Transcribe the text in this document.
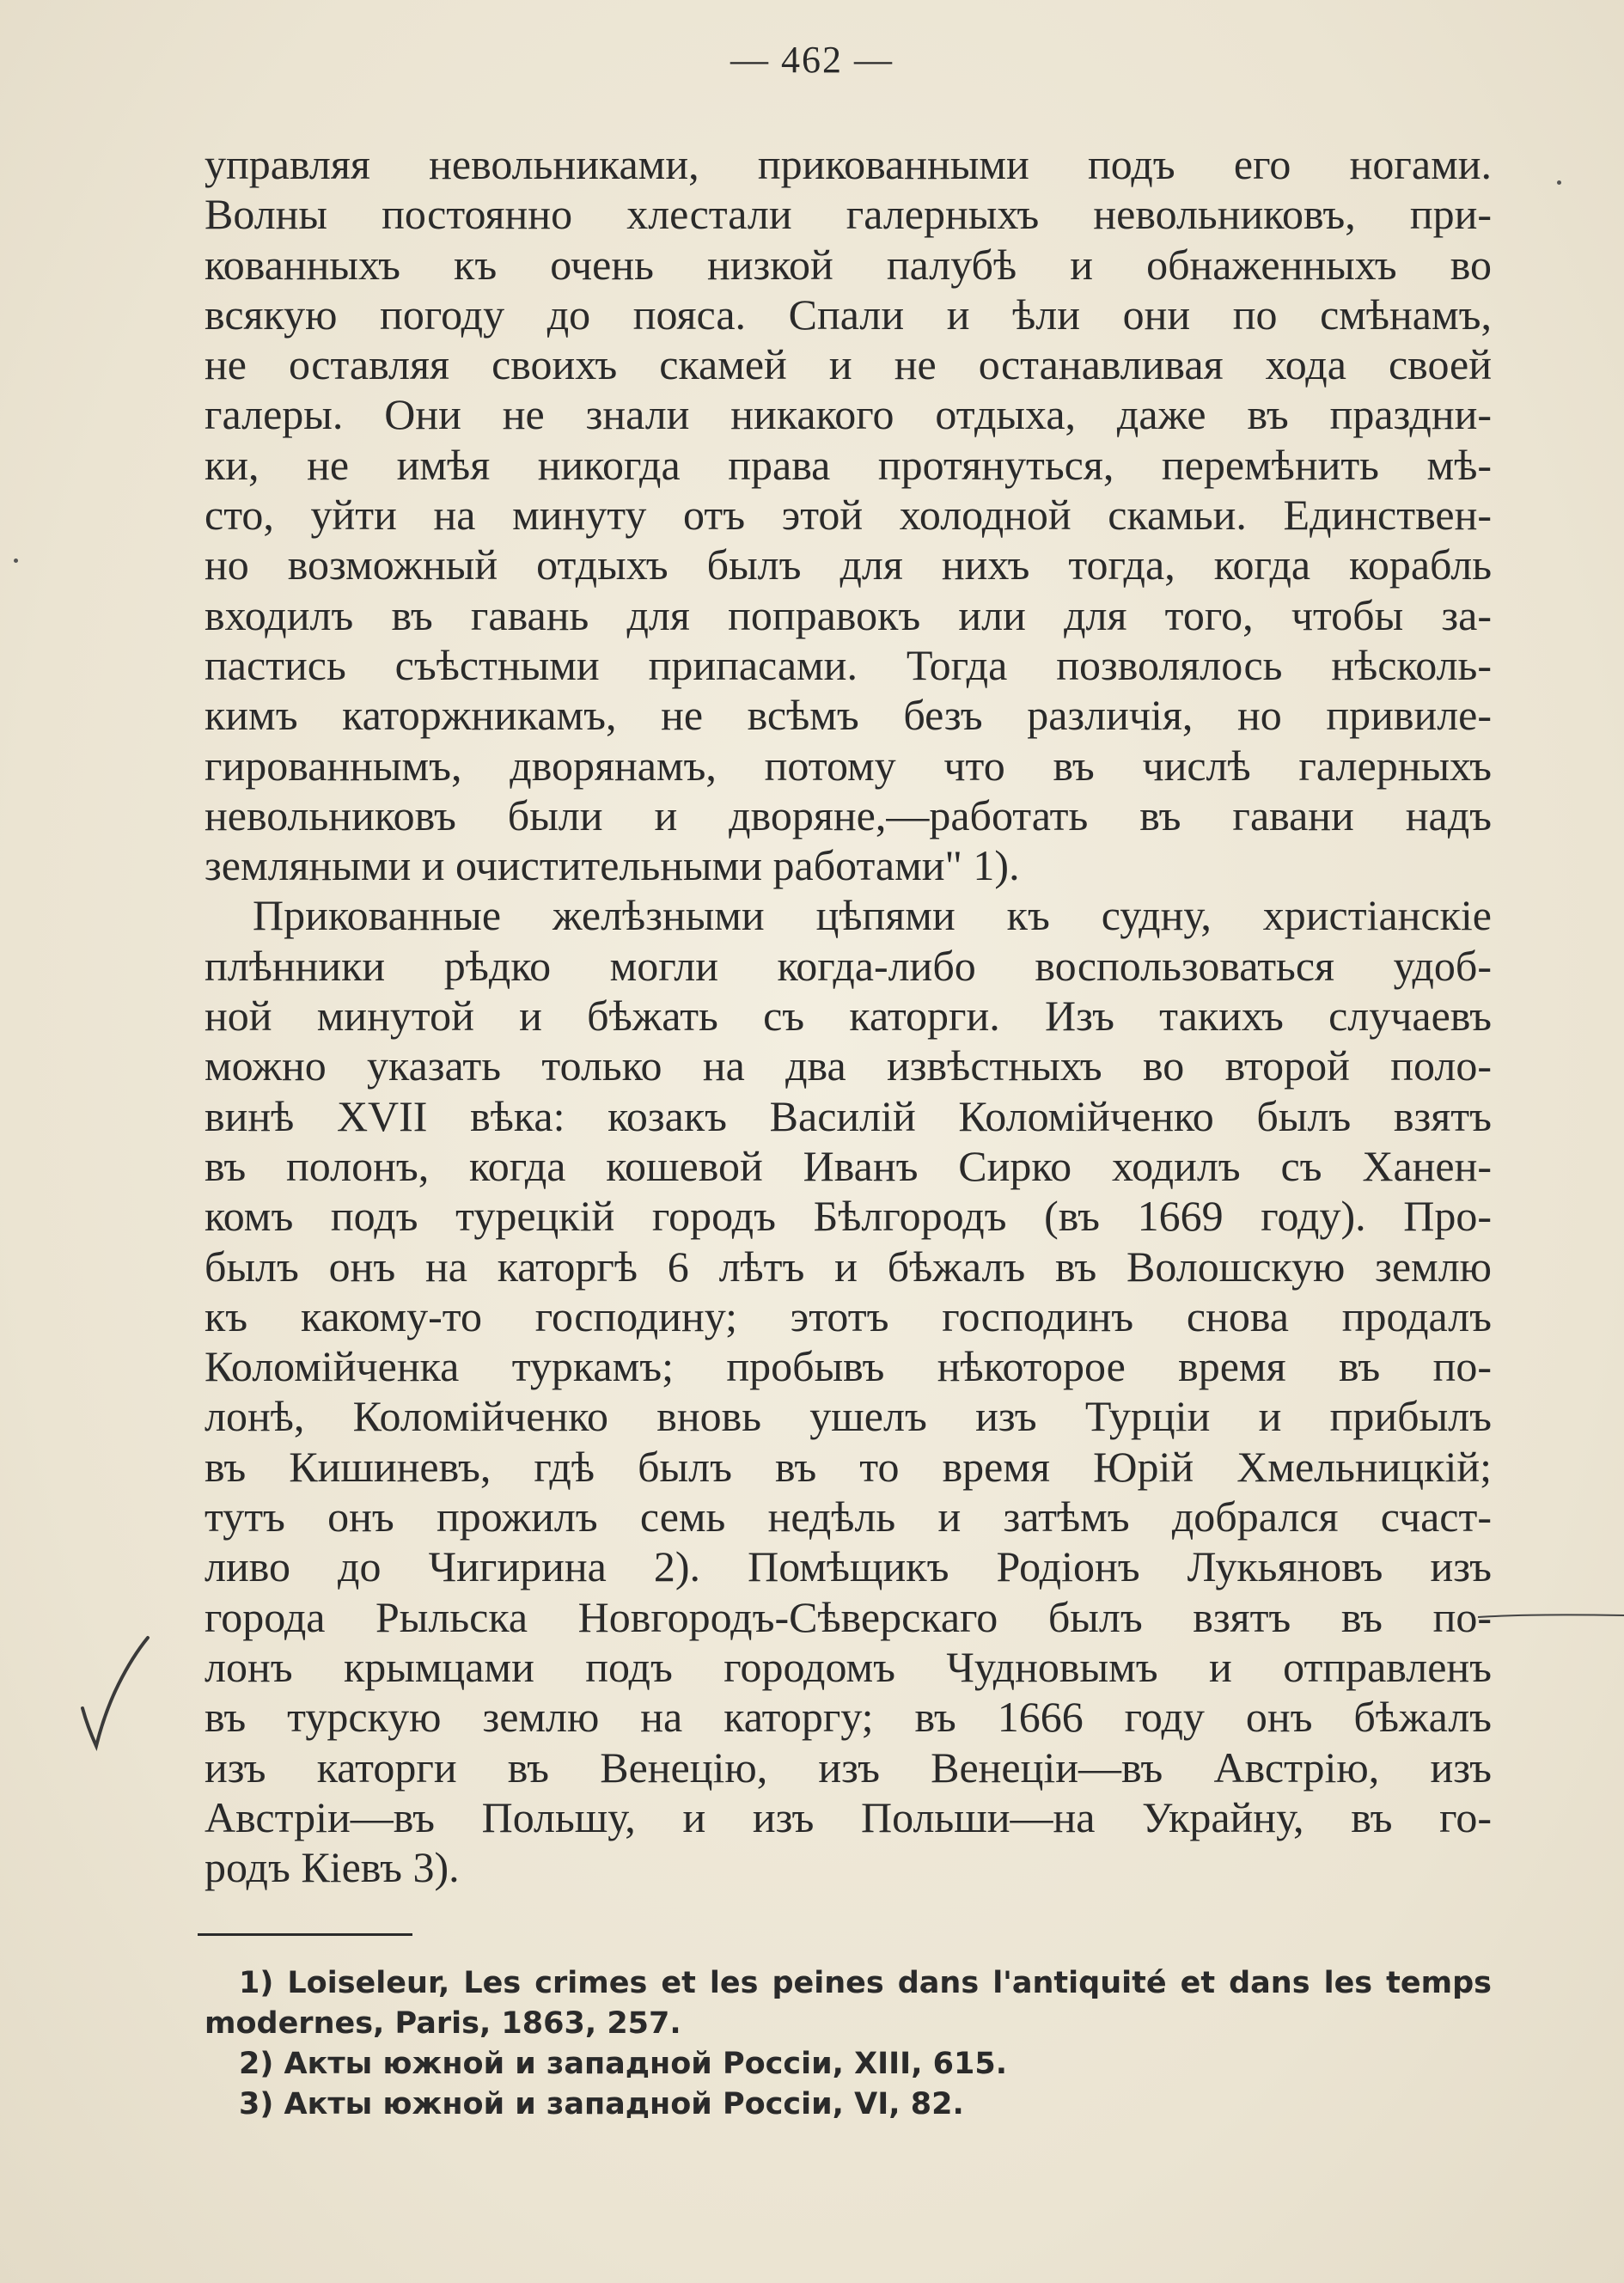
— 462 —
управляя невольниками, прикованными подъ его ногами.
Волны постоянно хлестали галерныхъ невольниковъ, при-
кованныхъ къ очень низкой палубѣ и обнаженныхъ во
всякую погоду до пояса. Спали и ѣли они по смѣнамъ,
не оставляя своихъ скамей и не останавливая хода своей
галеры. Они не знали никакого отдыха, даже въ праздни-
ки, не имѣя никогда права протянуться, перемѣнить мѣ-
сто, уйти на минуту отъ этой холодной скамьи. Единствен-
но возможный отдыхъ былъ для нихъ тогда, когда корабль
входилъ въ гавань для поправокъ или для того, чтобы за-
пастись съѣстными припасами. Тогда позволялось нѣсколь-
кимъ каторжникамъ, не всѣмъ безъ различія, но привиле-
гированнымъ, дворянамъ, потому что въ числѣ галерныхъ
невольниковъ были и дворяне,—работать въ гавани надъ
земляными и очистительными работами" 1).
Прикованные желѣзными цѣпями къ судну, христіанскіе
плѣнники рѣдко могли когда-либо воспользоваться удоб-
ной минутой и бѣжать съ каторги. Изъ такихъ случаевъ
можно указать только на два извѣстныхъ во второй поло-
винѣ XVII вѣка: козакъ Василій Коломійченко былъ взятъ
въ полонъ, когда кошевой Иванъ Сирко ходилъ съ Ханен-
комъ подъ турецкій городъ Бѣлгородъ (въ 1669 году). Про-
былъ онъ на каторгѣ 6 лѣтъ и бѣжалъ въ Волошскую землю
къ какому-то господину; этотъ господинъ снова продалъ
Коломійченка туркамъ; пробывъ нѣкоторое время въ по-
лонѣ, Коломійченко вновь ушелъ изъ Турціи и прибылъ
въ Кишиневъ, гдѣ былъ въ то время Юрій Хмельницкій;
тутъ онъ прожилъ семь недѣль и затѣмъ добрался счаст-
ливо до Чигирина 2). Помѣщикъ Родіонъ Лукьяновъ изъ
города Рыльска Новгородъ-Сѣверскаго былъ взятъ въ по-
лонъ крымцами подъ городомъ Чудновымъ и отправленъ
въ турскую землю на каторгу; въ 1666 году онъ бѣжалъ
изъ каторги въ Венецію, изъ Венеціи—въ Австрію, изъ
Австріи—въ Польшу, и изъ Польши—на Украйну, въ го-
родъ Кіевъ 3).
1) Loiseleur, Les crimes et les peines dans l'antiquité et dans les temps
modernes, Paris, 1863, 257.
2) Акты южной и западной Россіи, XIII, 615.
3) Акты южной и западной Россіи, VI, 82.
